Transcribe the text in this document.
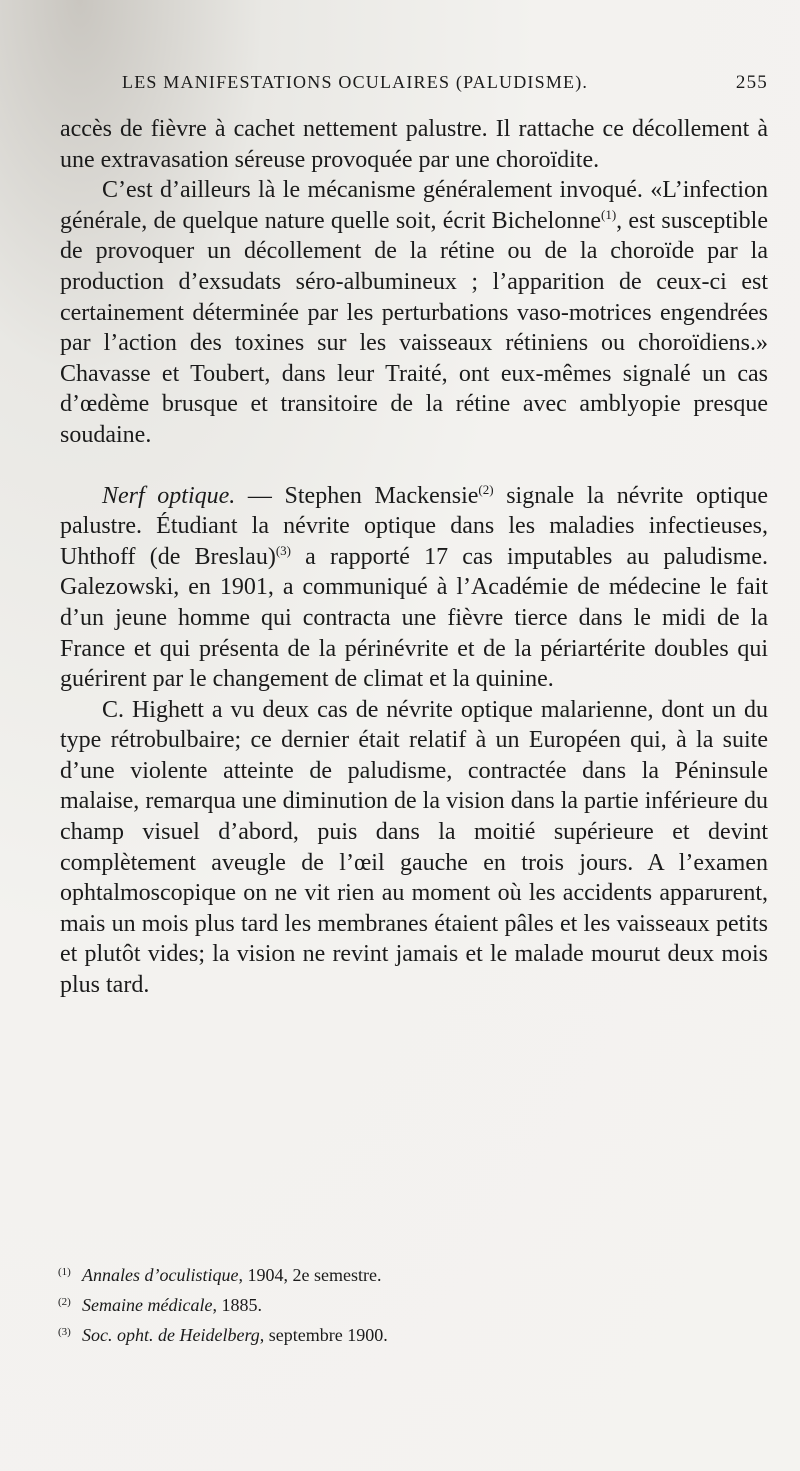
LES MANIFESTATIONS OCULAIRES (PALUDISME).	255

accès de fièvre à cachet nettement palustre. Il rattache ce décollement à une extravasation séreuse provoquée par une choroïdite.

C’est d’ailleurs là le mécanisme généralement invoqué. «L’infection générale, de quelque nature quelle soit, écrit Bichelonne$^{(1)}$, est susceptible de provoquer un décollement de la rétine ou de la choroïde par la production d’exsudats séro-albumineux ; l’apparition de ceux-ci est certainement déterminée par les perturbations vaso-motrices engendrées par l’action des toxines sur les vaisseaux rétiniens ou choroïdiens.» Chavasse et Toubert, dans leur Traité, ont eux-mêmes signalé un cas d’œdème brusque et transitoire de la rétine avec amblyopie presque soudaine.

Nerf optique. — Stephen Mackensie$^{(2)}$ signale la névrite optique palustre. Étudiant la névrite optique dans les maladies infectieuses, Uhthoff (de Breslau)$^{(3)}$ a rapporté 17 cas imputables au paludisme. Galezowski, en 1901, a communiqué à l’Académie de médecine le fait d’un jeune homme qui contracta une fièvre tierce dans le midi de la France et qui présenta de la périnévrite et de la périartérite doubles qui guérirent par le changement de climat et la quinine.

C. Highett a vu deux cas de névrite optique malarienne, dont un du type rétrobulbaire; ce dernier était relatif à un Européen qui, à la suite d’une violente atteinte de paludisme, contractée dans la Péninsule malaise, remarqua une diminution de la vision dans la partie inférieure du champ visuel d’abord, puis dans la moitié supérieure et devint complètement aveugle de l’œil gauche en trois jours. A l’examen ophtalmoscopique on ne vit rien au moment où les accidents apparurent, mais un mois plus tard les membranes étaient pâles et les vaisseaux petits et plutôt vides; la vision ne revint jamais et le malade mourut deux mois plus tard.

(1) Annales d’oculistique, 1904, 2e semestre.
(2) Semaine médicale, 1885.
(3) Soc. opht. de Heidelberg, septembre 1900.
